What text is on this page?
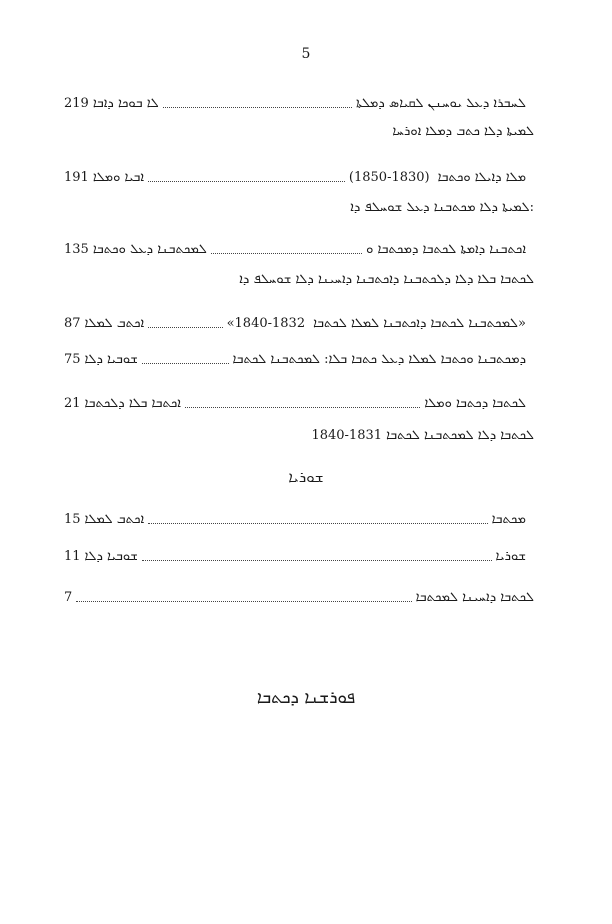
5
219 ܠܐ ܒܘܟܐ ܕܐܒܐ	ܠܚܒܪܐ ܕܥܠ ܝܘܚܢܢ ܠܩܝܐܣ ܕܡܠܬܐ
ܠܡܝܬܐ ܕܠܐ ܟܬܒ ܕܡܠܐ ܐܘܪܚܐ
191 ܐܒܝܐ ܘܡܠܐ	(1850-1830) ܡܠܐ ܕܐܝܠܐ ܘܟܬܒܐ
ܠܡܝܬܐ ܕܠܐ ܡܟܬܒܢܐ ܕܥܠ ܫܘܚܠܦ ܕܐ:
135 ܠܡܟܬܒܢܐ ܕܥܠ ܘܟܬܒܐ	ܐܟܬܒܢܐ ܕܐܡܬܐ ܠܟܬܒܐ ܕܡܟܬܒܐ ܘ
ܠܟܬܒܐ ܒܠܐ ܕܠܐ ܕܠܟܬܒܢܐ ܕܐܟܬܒܢܐ ܕܐܚܝܢܐ ܕܠܐ ܫܘܚܠܦ ܕܐ
87 ܐܟܬܒ ܠܡܠܐ	«1840-1832 ܠܡܟܬܒܢܐ ܠܟܬܒܐ ܕܐܟܬܒܢܐ ܠܡܠܐ ܠܟܬܒܐ»
75 ܫܘܒܝܐ ܕܠܐ	ܕܡܟܬܒܢܐ ܘܟܬܒܐ ܠܡܠܐ ܕܥܠ ܟܬܒܐ ܒܠܐ: ܠܡܟܬܒܢܐ ܠܟܬܒܐ
21 ܐܟܬܒܐ ܒܠܐ ܕܠܟܬܒܐ	ܠܟܬܒܐ ܕܟܬܒܐ ܘܡܠܐ
1840-1831 ܠܟܬܒܐ ܕܠܐ ܠܡܟܬܒܢܐ ܠܟܬܒܐ
ܫܘܪܝܐ
15 ܐܟܬܒ ܠܡܠܐ	ܡܟܬܒܐ
11 ܫܘܒܝܐ ܕܠܐ	ܫܘܪܝܐ
7	ܠܟܬܒܐ ܕܐܚܝܢܐ ܠܡܟܬܒܐ
ܦܘܪܫܢܐ ܕܟܬܒܐ
